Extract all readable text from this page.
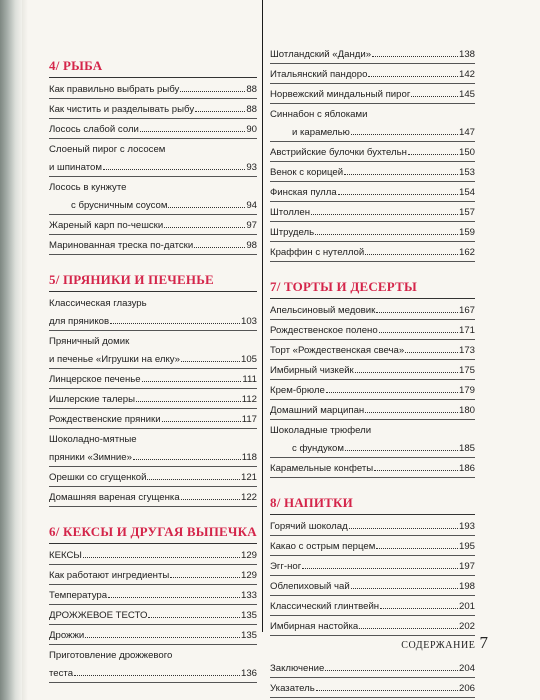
4/ РЫБА
Как правильно выбрать рыбу	88
Как чистить и разделывать рыбу	88
Лосось слабой соли	90
Слоеный пирог с лососем
и шпинатом	93
Лосось в кунжуте
с брусничным соусом	94
Жареный карп по-чешски	97
Маринованная треска по-датски	98
5/ ПРЯНИКИ И ПЕЧЕНЬЕ
Классическая глазурь
для пряников	103
Пряничный домик
и печенье «Игрушки на елку»	105
Линцерское печенье	111
Ишлерские талеры	112
Рождественские пряники	117
Шоколадно-мятные
пряники «Зимние»	118
Орешки со сгущенкой	121
Домашняя вареная сгущенка	122
6/ КЕКСЫ И ДРУГАЯ ВЫПЕЧКА
КЕКСЫ	129
Как работают ингредиенты	129
Температура	133
ДРОЖЖЕВОЕ ТЕСТО	135
Дрожжи	135
Приготовление дрожжевого
теста	136
Шотландский «Данди»	138
Итальянский пандоро	142
Норвежский миндальный пирог	145
Синнабон с яблоками
и карамелью	147
Австрийские булочки бухтельн	150
Венок с корицей	153
Финская пулла	154
Штоллен	157
Штрудель	159
Краффин с нутеллой	162
7/ ТОРТЫ И ДЕСЕРТЫ
Апельсиновый медовик	167
Рождественское полено	171
Торт «Рождественская свеча»	173
Имбирный чизкейк	175
Крем-брюле	179
Домашний марципан	180
Шоколадные трюфели
с фундуком	185
Карамельные конфеты	186
8/ НАПИТКИ
Горячий шоколад	193
Какао с острым перцем	195
Эгг-ног	197
Облепиховый чай	198
Классический глинтвейн	201
Имбирная настойка	202
Заключение	204
Указатель	206
СОДЕРЖАНИЕ 7
